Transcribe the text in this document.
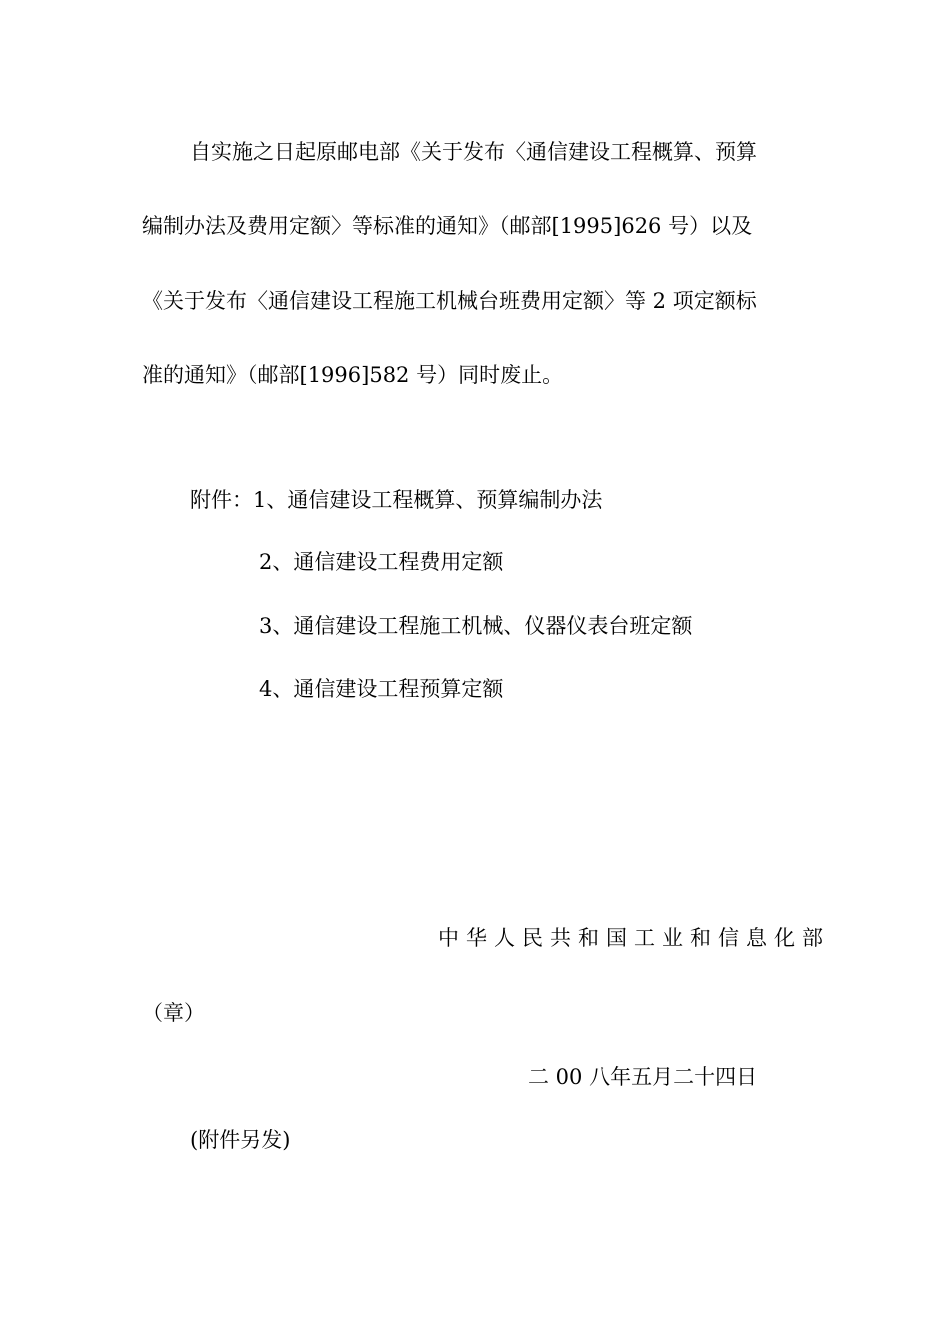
自实施之日起原邮电部《关于发布〈通信建设工程概算、预算
编制办法及费用定额〉等标准的通知》（邮部[1995]626 号）以及
《关于发布〈通信建设工程施工机械台班费用定额〉等 2 项定额标
准的通知》（邮部[1996]582 号）同时废止。
附件：1、通信建设工程概算、预算编制办法
2、通信建设工程费用定额
3、通信建设工程施工机械、仪器仪表台班定额
4、通信建设工程预算定额
中华人民共和国工业和信息化部
（章）
二 00 八年五月二十四日
(附件另发)
